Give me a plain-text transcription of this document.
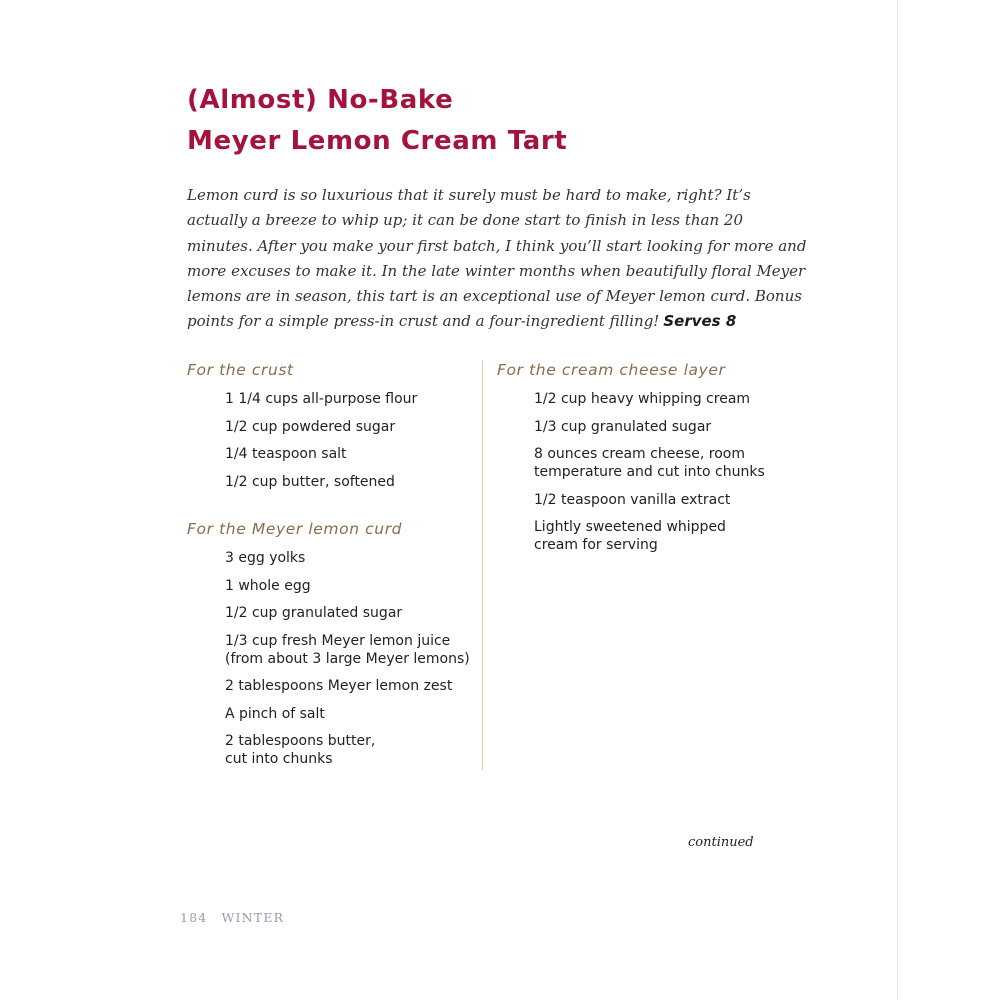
(Almost) No-Bake
Meyer Lemon Cream Tart

Lemon curd is so luxurious that it surely must be hard to make, right? It’s actually a breeze to whip up; it can be done start to finish in less than 20 minutes. After you make your first batch, I think you’ll start looking for more and more excuses to make it. In the late winter months when beautifully floral Meyer lemons are in season, this tart is an exceptional use of Meyer lemon curd. Bonus points for a simple press-in crust and a four-ingredient filling! Serves 8

For the crust
1 1/4 cups all-purpose flour
1/2 cup powdered sugar
1/4 teaspoon salt
1/2 cup butter, softened
For the Meyer lemon curd
3 egg yolks
1 whole egg
1/2 cup granulated sugar
1/3 cup fresh Meyer lemon juice (from about 3 large Meyer lemons)
2 tablespoons Meyer lemon zest
A pinch of salt
2 tablespoons butter, cut into chunks
For the cream cheese layer
1/2 cup heavy whipping cream
1/3 cup granulated sugar
8 ounces cream cheese, room temperature and cut into chunks
1/2 teaspoon vanilla extract
Lightly sweetened whipped cream for serving
continued
184 WINTER
